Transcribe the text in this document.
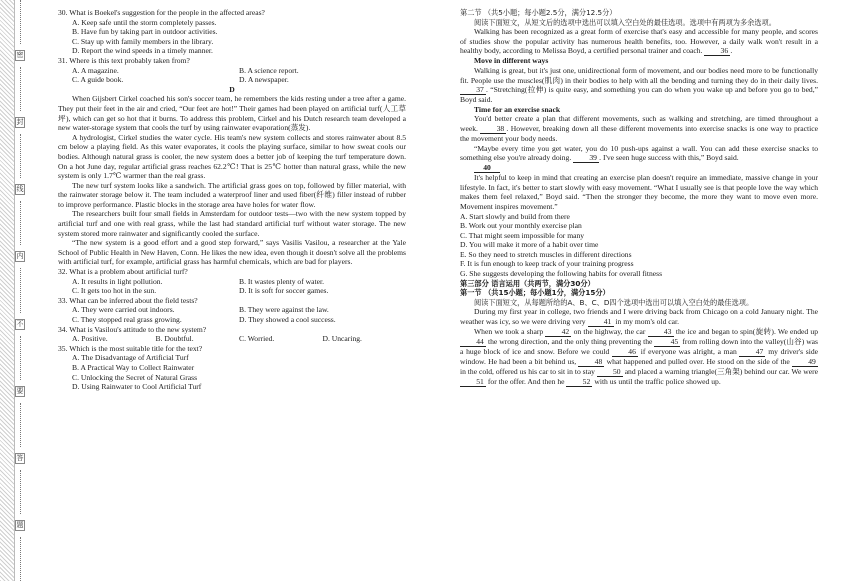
密
封
线
内
不
要
答
题
30. What is Boekel's suggestion for the people in the affected areas?
A. Keep safe until the storm completely passes.
B. Have fun by taking part in outdoor activities.
C. Stay up with family members in the library.
D. Report the wind speeds in a timely manner.
31. Where is this text probably taken from?
A. A magazine.	B. A science report.
C. A guide book.	D. A newspaper.
D
When Gijsbert Cirkel coached his son's soccer team, he remembers the kids resting under a tree after a game. They put their feet in the air and cried, “Our feet are hot!” Their games had been played on artificial turf(人工草坪), which can get so hot that it burns. To address this problem, Cirkel and his Dutch research team developed a new water-storage system that cools the turf by using rainwater evaporation(蒸发).
A hydrologist, Cirkel studies the water cycle. His team's new system collects and stores rainwater about 8.5 cm below a playing field. As this water evaporates, it cools the playing surface, similar to how sweat cools our bodies. Although natural grass is cooler, the new system does a better job of keeping the turf temperature down. On a hot June day, regular artificial grass reaches 62.2℃! That is 25℃ hotter than natural grass, while the new system is only 1.7℃ warmer than the real grass.
The new turf system looks like a sandwich. The artificial grass goes on top, followed by filler material, with the rainwater storage below it. The team included a waterproof liner and used fiber(纤维) filler instead of rubber to improve performance. Plastic blocks in the storage area have holes for water flow.
The researchers built four small fields in Amsterdam for outdoor tests—two with the new system topped by artificial turf and one with real grass, while the last had standard artificial turf without water storage. The new system stored more rainwater and significantly cooled the surface.
“The new system is a good effort and a good step forward,” says Vasilis Vasilou, a researcher at the Yale School of Public Health in New Haven, Conn. He likes the new idea, even though it doesn't solve all the problems with artificial turf, for example, artificial grass has harmful chemicals, which are bad for players.
32. What is a problem about artificial turf?
A. It results in light pollution.	B. It wastes plenty of water.
C. It gets too hot in the sun.	D. It is soft for soccer games.
33. What can be inferred about the field tests?
A. They were carried out indoors.	B. They were against the law.
C. They stopped real grass growing.	D. They showed a cool success.
34. What is Vasilou's attitude to the new system?
A. Positive.	B. Doubtful.	C. Worried.	D. Uncaring.
35. Which is the most suitable title for the text?
A. The Disadvantage of Artificial Turf
B. A Practical Way to Collect Rainwater
C. Unlocking the Secret of Natural Grass
D. Using Rainwater to Cool Artificial Turf
第二节 （共5小题；每小题2.5分，满分12.5分）
阅读下面短文，从短文后的选项中选出可以填入空白处的最佳选项。选项中有两项为多余选项。
Walking has been recognized as a great form of exercise that's easy and accessible for many people, and scores of studies show the popular activity has numerous health benefits, too. However, a daily walk won't result in a healthy body, according to Melissa Boyd, a certified personal trainer and coach. 36 .
Move in different ways
Walking is great, but it's just one, unidirectional form of movement, and our bodies need more to be functionally fit. People use the muscles(肌肉) in their bodies to help with all the bending and turning they do in their daily lives. 37 . “Stretching(拉伸) is quite easy, and something you can do when you wake up and before you go to bed,” Boyd said.
Time for an exercise snack
You'd better create a plan that different movements, such as walking and stretching, are timed throughout a week. 38 . However, breaking down all these different movements into exercise snacks is one way to practice the movement your body needs.
“Maybe every time you get water, you do 10 push-ups against a wall. You can add these exercise snacks to something else you're already doing. 39 . I've seen huge success with this,” Boyd said.
40
It's helpful to keep in mind that creating an exercise plan doesn't require an immediate, massive change in your lifestyle. In fact, it's better to start slowly with easy movement. “What I usually see is that people love the way which makes them feel relaxed,” Boyd said. “Then the stronger they become, the more they want to move even more. Movement inspires movement.”
A. Start slowly and build from there
B. Work out your monthly exercise plan
C. That might seem impossible for many
D. You will make it more of a habit over time
E. So they need to stretch muscles in different directions
F. It is fun enough to keep track of your training progress
G. She suggests developing the following habits for overall fitness
第三部分 语言运用（共两节，满分30分）
第一节 （共15小题；每小题1分，满分15分）
阅读下面短文，从每题所给的A、B、C、D四个选项中选出可以填入空白处的最佳选项。
During my first year in college, two friends and I were driving back from Chicago on a cold January night. The weather was icy, so we were driving very 41 in my mom's old car.
When we took a sharp 42 on the highway, the car 43 the ice and began to spin(旋转). We ended up 44 the wrong direction, and the only thing preventing the 45 from rolling down into the valley(山谷) was a huge block of ice and snow. Before we could 46 if everyone was alright, a man 47 my driver's side window. He had been a bit behind us, 48 what happened and pulled over. He stood on the side of the 49 in the cold, offered us his car to sit in to stay 50 and placed a warning triangle(三角架) behind our car. We were 51 for the offer. And then he 52 with us until the traffic police showed up.
